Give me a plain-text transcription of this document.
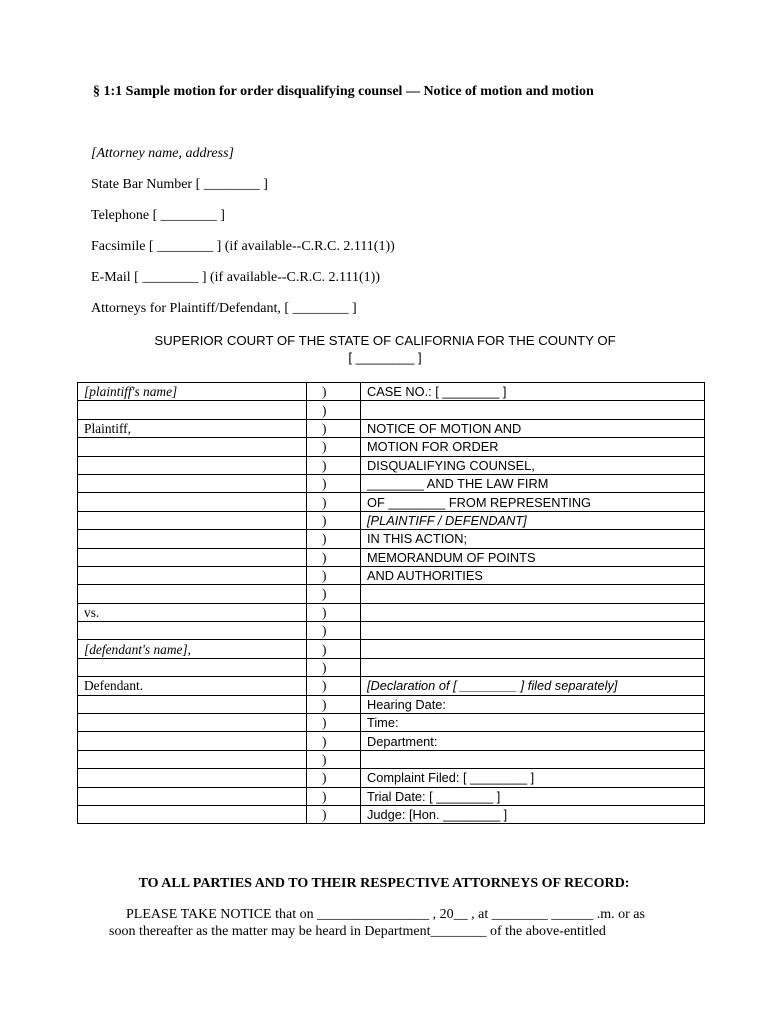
§ 1:1 Sample motion for order disqualifying counsel — Notice of motion and motion
[Attorney name, address]
State Bar Number [ ________ ]
Telephone [ ________ ]
Facsimile [ ________ ] (if available--C.R.C. 2.111(1))
E-Mail [ ________ ] (if available--C.R.C. 2.111(1))
Attorneys for Plaintiff/Defendant, [ ________ ]
SUPERIOR COURT OF THE STATE OF CALIFORNIA FOR THE COUNTY OF
[ ________ ]
[plaintiff's name]	)	CASE NO.: [ ________ ]
	)	
Plaintiff,	)	NOTICE OF MOTION AND
	)	MOTION FOR ORDER
	)	DISQUALIFYING COUNSEL,
	)	________ AND THE LAW FIRM
	)	OF ________ FROM REPRESENTING
	)	[PLAINTIFF / DEFENDANT]
	)	IN THIS ACTION;
	)	MEMORANDUM OF POINTS
	)	AND AUTHORITIES
	)	
vs.	)	
	)	
[defendant's name],	)	
	)	
Defendant.	)	[Declaration of [ ________ ] filed separately]
	)	Hearing Date:
	)	Time:
	)	Department:
	)	
	)	Complaint Filed: [ ________ ]
	)	Trial Date: [ ________ ]
	)	Judge: [Hon. ________ ]
TO ALL PARTIES AND TO THEIR RESPECTIVE ATTORNEYS OF RECORD:
PLEASE TAKE NOTICE that on ________________ , 20__ , at ________ ______ .m. or as
soon thereafter as the matter may be heard in Department________ of the above-entitled
